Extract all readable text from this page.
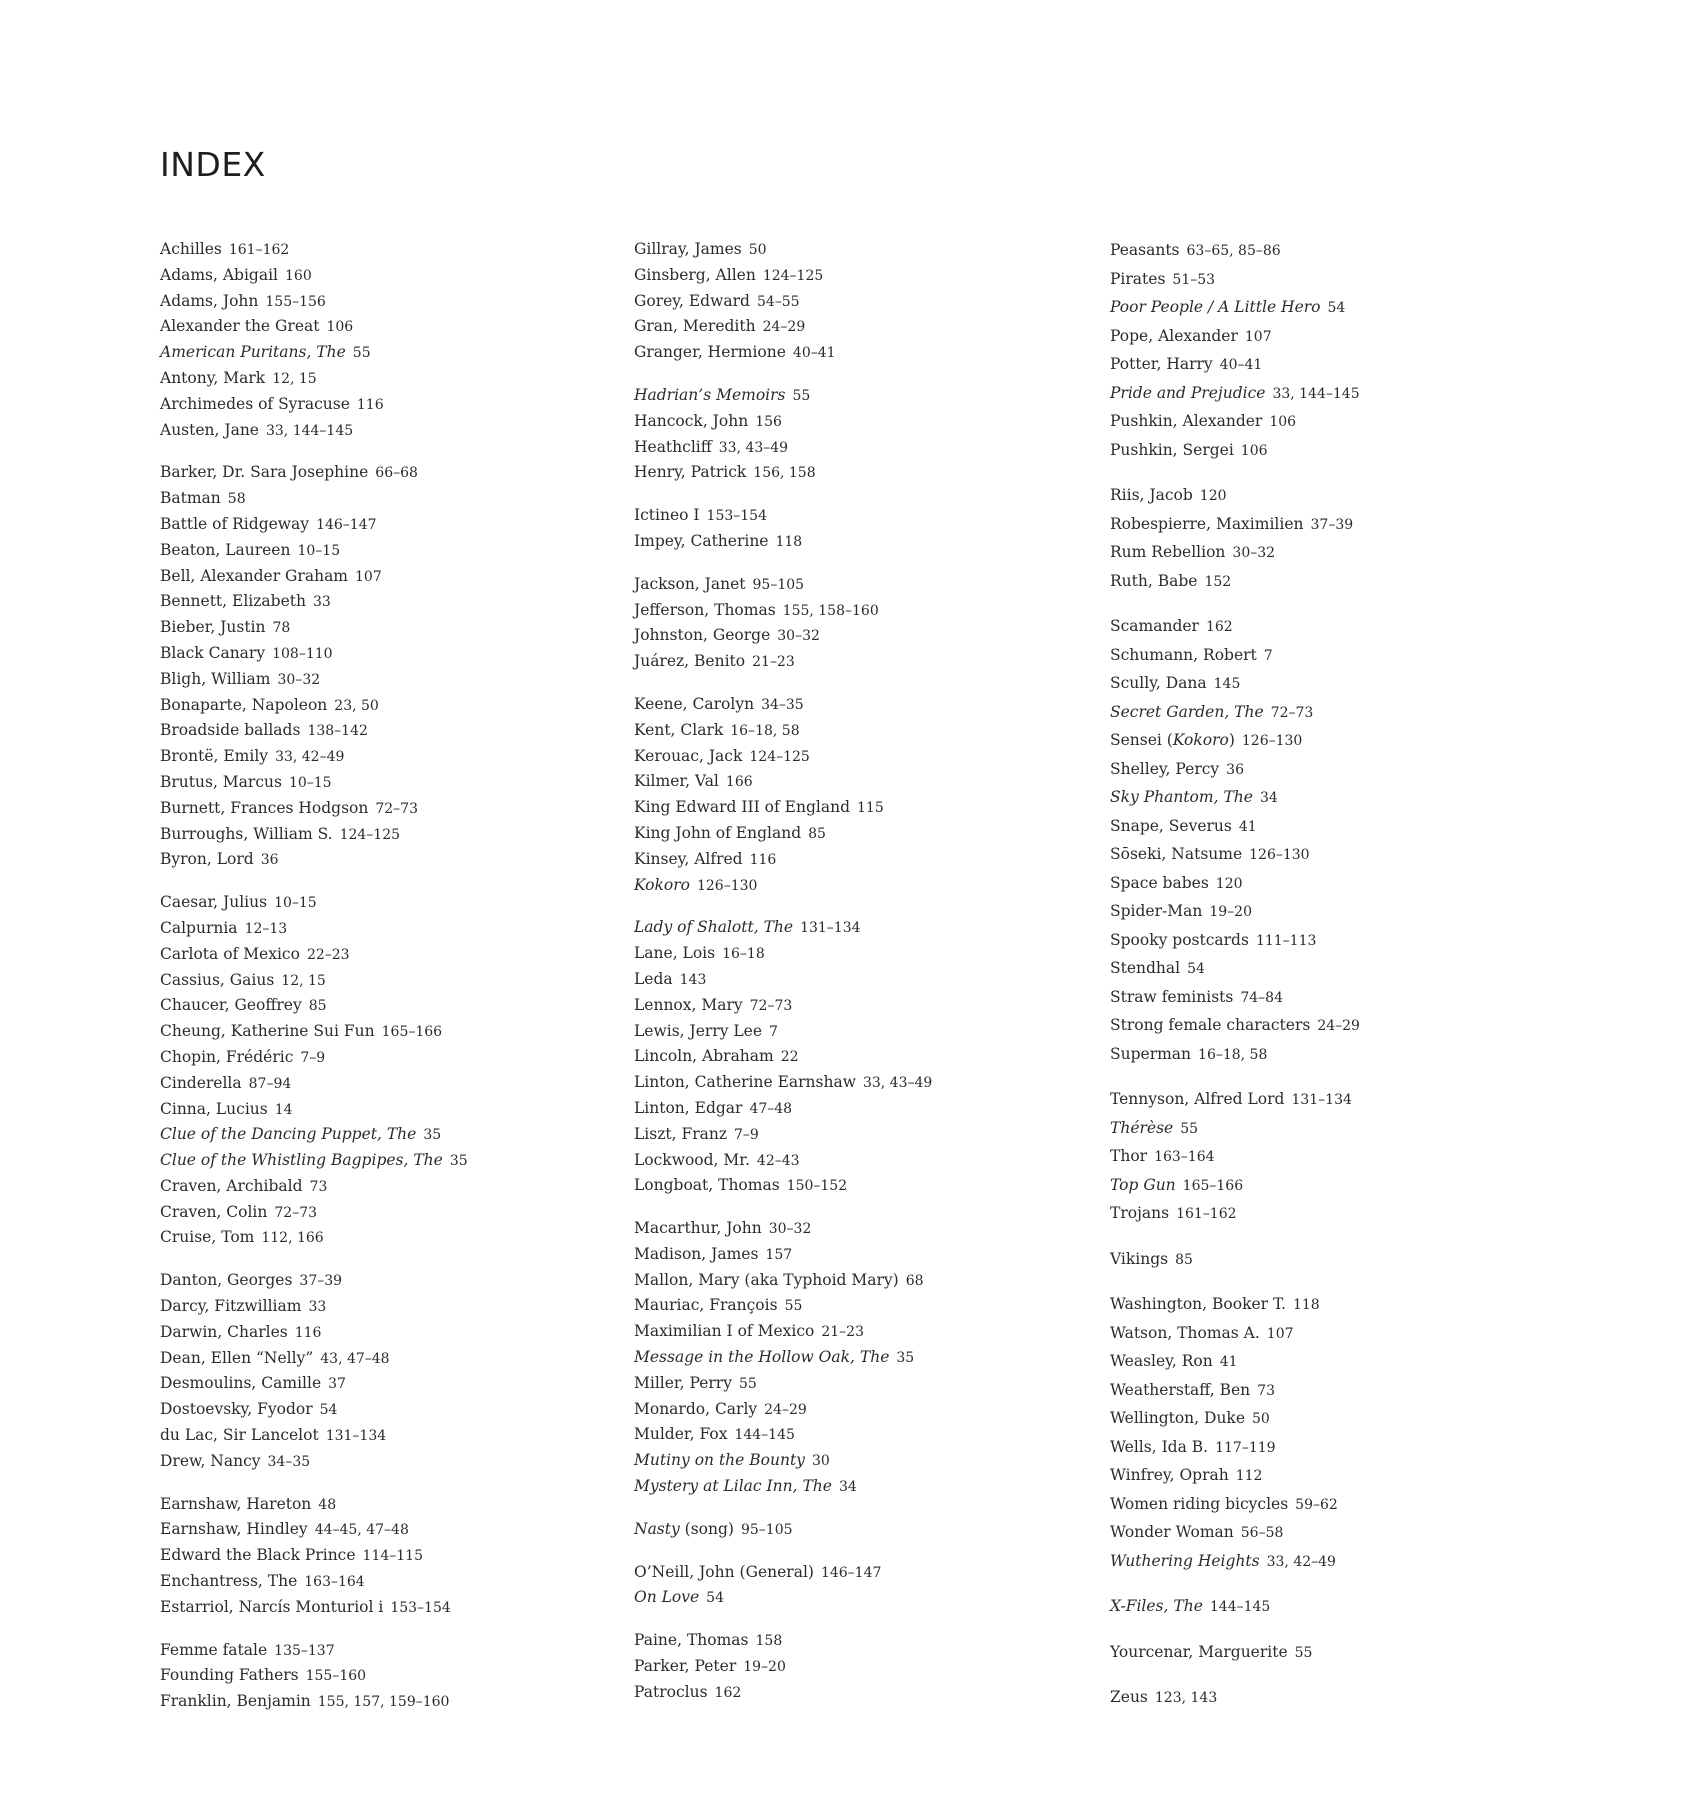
INDEX
Achilles 161–162
Adams, Abigail 160
Adams, John 155–156
Alexander the Great 106
American Puritans, The 55
Antony, Mark 12, 15
Archimedes of Syracuse 116
Austen, Jane 33, 144–145
Barker, Dr. Sara Josephine 66–68
Batman 58
Battle of Ridgeway 146–147
Beaton, Laureen 10–15
Bell, Alexander Graham 107
Bennett, Elizabeth 33
Bieber, Justin 78
Black Canary 108–110
Bligh, William 30–32
Bonaparte, Napoleon 23, 50
Broadside ballads 138–142
Brontë, Emily 33, 42–49
Brutus, Marcus 10–15
Burnett, Frances Hodgson 72–73
Burroughs, William S. 124–125
Byron, Lord 36
Caesar, Julius 10–15
Calpurnia 12–13
Carlota of Mexico 22–23
Cassius, Gaius 12, 15
Chaucer, Geoffrey 85
Cheung, Katherine Sui Fun 165–166
Chopin, Frédéric 7–9
Cinderella 87–94
Cinna, Lucius 14
Clue of the Dancing Puppet, The 35
Clue of the Whistling Bagpipes, The 35
Craven, Archibald 73
Craven, Colin 72–73
Cruise, Tom 112, 166
Danton, Georges 37–39
Darcy, Fitzwilliam 33
Darwin, Charles 116
Dean, Ellen “Nelly” 43, 47–48
Desmoulins, Camille 37
Dostoevsky, Fyodor 54
du Lac, Sir Lancelot 131–134
Drew, Nancy 34–35
Earnshaw, Hareton 48
Earnshaw, Hindley 44–45, 47–48
Edward the Black Prince 114–115
Enchantress, The 163–164
Estarriol, Narcís Monturiol i 153–154
Femme fatale 135–137
Founding Fathers 155–160
Franklin, Benjamin 155, 157, 159–160
Gillray, James 50
Ginsberg, Allen 124–125
Gorey, Edward 54–55
Gran, Meredith 24–29
Granger, Hermione 40–41
Hadrian’s Memoirs 55
Hancock, John 156
Heathcliff 33, 43–49
Henry, Patrick 156, 158
Ictineo I 153–154
Impey, Catherine 118
Jackson, Janet 95–105
Jefferson, Thomas 155, 158–160
Johnston, George 30–32
Juárez, Benito 21–23
Keene, Carolyn 34–35
Kent, Clark 16–18, 58
Kerouac, Jack 124–125
Kilmer, Val 166
King Edward III of England 115
King John of England 85
Kinsey, Alfred 116
Kokoro 126–130
Lady of Shalott, The 131–134
Lane, Lois 16–18
Leda 143
Lennox, Mary 72–73
Lewis, Jerry Lee 7
Lincoln, Abraham 22
Linton, Catherine Earnshaw 33, 43–49
Linton, Edgar 47–48
Liszt, Franz 7–9
Lockwood, Mr. 42–43
Longboat, Thomas 150–152
Macarthur, John 30–32
Madison, James 157
Mallon, Mary (aka Typhoid Mary) 68
Mauriac, François 55
Maximilian I of Mexico 21–23
Message in the Hollow Oak, The 35
Miller, Perry 55
Monardo, Carly 24–29
Mulder, Fox 144–145
Mutiny on the Bounty 30
Mystery at Lilac Inn, The 34
Nasty (song) 95–105
O’Neill, John (General) 146–147
On Love 54
Paine, Thomas 158
Parker, Peter 19–20
Patroclus 162
Peasants 63–65, 85–86
Pirates 51–53
Poor People / A Little Hero 54
Pope, Alexander 107
Potter, Harry 40–41
Pride and Prejudice 33, 144–145
Pushkin, Alexander 106
Pushkin, Sergei 106
Riis, Jacob 120
Robespierre, Maximilien 37–39
Rum Rebellion 30–32
Ruth, Babe 152
Scamander 162
Schumann, Robert 7
Scully, Dana 145
Secret Garden, The 72–73
Sensei (Kokoro) 126–130
Shelley, Percy 36
Sky Phantom, The 34
Snape, Severus 41
Sōseki, Natsume 126–130
Space babes 120
Spider-Man 19–20
Spooky postcards 111–113
Stendhal 54
Straw feminists 74–84
Strong female characters 24–29
Superman 16–18, 58
Tennyson, Alfred Lord 131–134
Thérèse 55
Thor 163–164
Top Gun 165–166
Trojans 161–162
Vikings 85
Washington, Booker T. 118
Watson, Thomas A. 107
Weasley, Ron 41
Weatherstaff, Ben 73
Wellington, Duke 50
Wells, Ida B. 117–119
Winfrey, Oprah 112
Women riding bicycles 59–62
Wonder Woman 56–58
Wuthering Heights 33, 42–49
X-Files, The 144–145
Yourcenar, Marguerite 55
Zeus 123, 143
